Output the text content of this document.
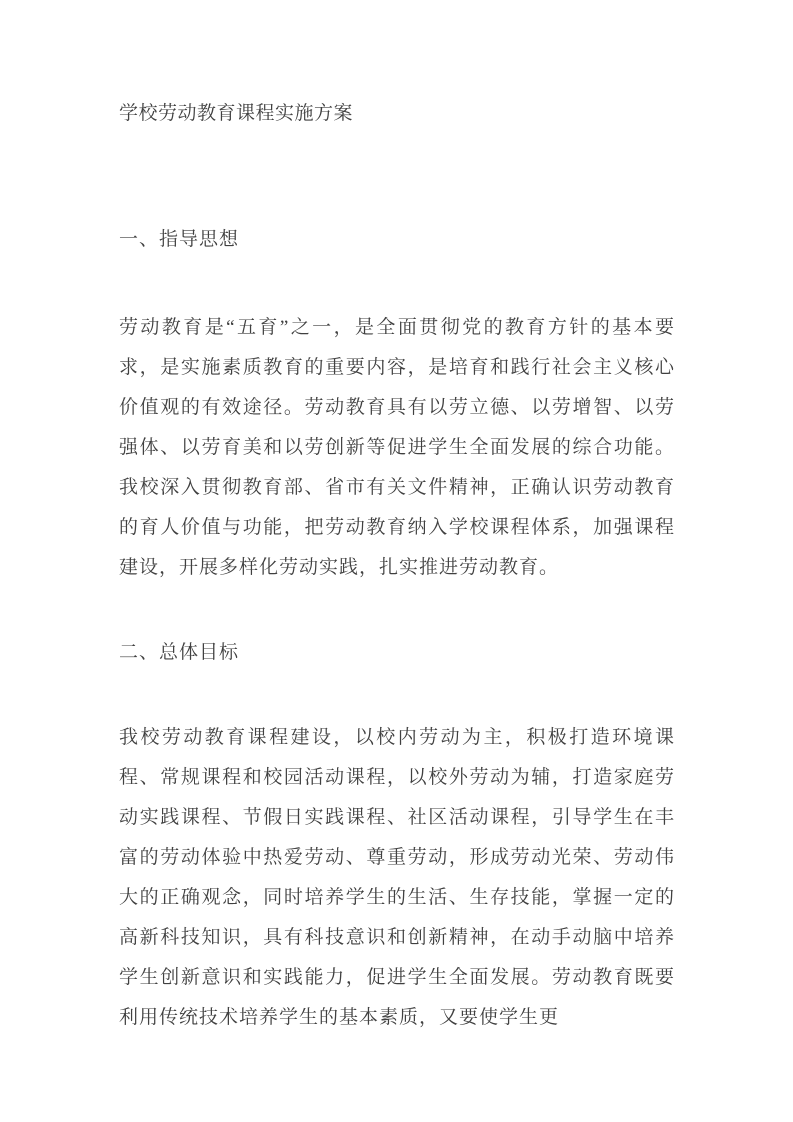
学校劳动教育课程实施方案
一、指导思想

劳动教育是“五育”之一，是全面贯彻党的教育方针的基本要求，是实施素质教育的重要内容，是培育和践行社会主义核心价值观的有效途径。劳动教育具有以劳立德、以劳增智、以劳强体、以劳育美和以劳创新等促进学生全面发展的综合功能。我校深入贯彻教育部、省市有关文件精神，正确认识劳动教育的育人价值与功能，把劳动教育纳入学校课程体系，加强课程建设，开展多样化劳动实践，扎实推进劳动教育。

二、总体目标

我校劳动教育课程建设，以校内劳动为主，积极打造环境课程、常规课程和校园活动课程，以校外劳动为辅，打造家庭劳动实践课程、节假日实践课程、社区活动课程，引导学生在丰富的劳动体验中热爱劳动、尊重劳动，形成劳动光荣、劳动伟大的正确观念，同时培养学生的生活、生存技能，掌握一定的高新科技知识，具有科技意识和创新精神，在动手动脑中培养学生创新意识和实践能力，促进学生全面发展。劳动教育既要利用传统技术培养学生的基本素质，又要使学生更
